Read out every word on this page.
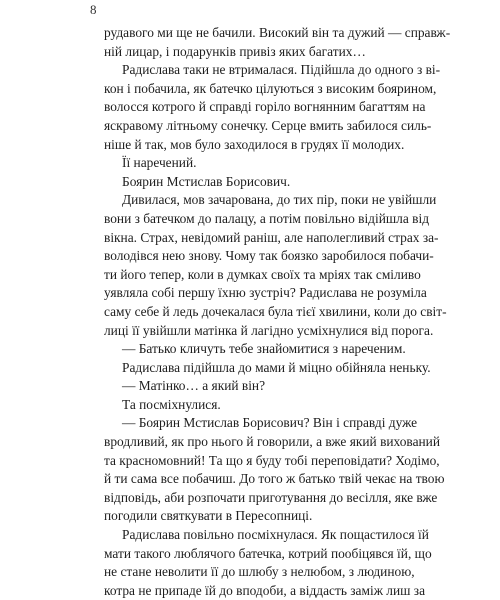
8
рудавого ми ще не бачили. Високий він та дужий — справж-
ній лицар, і подарунків привіз яких багатих…
Радислава таки не втрималася. Підійшла до одного з ві-
кон і побачила, як батечко цілуються з високим боярином,
волосся котрого й справді горіло вогнянним багаттям на
яскравому літньому сонечку. Серце вмить забилося силь-
ніше й так, мов було заходилося в грудях її молодих.
Її наречений.
Боярин Мстислав Борисович.
Дивилася, мов зачарована, до тих пір, поки не увійшли
вони з батечком до палацу, а потім повільно відійшла від
вікна. Страх, невідомий раніш, але наполегливий страх за-
володівся нею знову. Чому так боязко заробилося побачи-
ти його тепер, коли в думках своїх та мріях так сміливо
уявляла собі першу їхню зустріч? Радислава не розуміла
саму себе й ледь дочекалася була тієї хвилини, коли до світ-
лиці її увійшли матінка й лагідно усміхнулися від порога.
— Батько кличуть тебе знайомитися з нареченим.
Радислава підійшла до мами й міцно обійняла неньку.
— Матінко… а який він?
Та посміхнулися.
— Боярин Мстислав Борисович? Він і справді дуже
вродливий, як про нього й говорили, а вже який вихований
та красномовний! Та що я буду тобі переповідати? Ходімо,
й ти сама все побачиш. До того ж батько твій чекає на твою
відповідь, аби розпочати приготування до весілля, яке вже
погодили святкувати в Пересопниці.
Радислава повільно посміхнулася. Як пощастилося їй
мати такого люблячого батечка, котрий пообіцявся їй, що
не стане неволити її до шлюбу з нелюбом, з людиною,
котра не припаде їй до вподоби, а віддасть заміж лиш за
